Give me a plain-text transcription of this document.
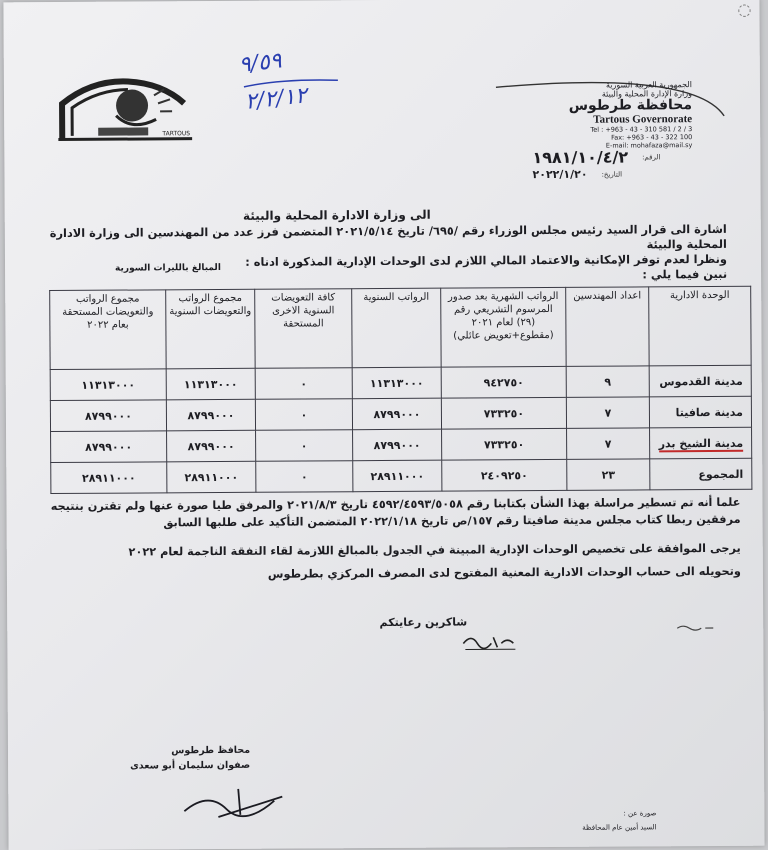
◌
TARTOUS
٩/٥٩
٢/٢/١٢	الجمهورية العربية السورية
وزارة الإدارة المحلية والبيئة
محافظة طرطوس
Tartous Governorate
Tel : +963 - 43 - 310 581 / 2 / 3
Fax: +963 - 43 - 322 100
E-mail: mohafaza@mail.sy
الرقم:
١٩٨١/١٠/٤/٢
التاريخ:
٢٠٢٢/١/٢٠
الى وزارة الادارة المحلية والبيئة
اشارة الى قرار السيد رئيس مجلس الوزراء رقم /٦٩٥/ تاريخ ٢٠٢١/٥/١٤ المتضمن فرز عدد من المهندسين الى وزارة الادارة المحلية والبيئة
ونظرا لعدم توفر الإمكانية والاعتماد المالي اللازم لدى الوحدات الإدارية المذكورة ادناه :
نبين فيما يلي :
المبالغ بالليرات السورية
الوحدة الادارية	اعداد المهندسين	الرواتب الشهرية بعد صدور المرسوم التشريعي رقم (٢٩) لعام ٢٠٢١ (مقطوع+تعويض عائلي)	الرواتب السنوية	كافة التعويضات السنوية الاخرى المستحقة	مجموع الرواتب والتعويضات السنوية	مجموع الرواتب والتعويضات المستحقة بعام ٢٠٢٢
مدينة القدموس	٩	٩٤٢٧٥٠	١١٣١٣٠٠٠	٠	١١٣١٣٠٠٠	١١٣١٣٠٠٠
مدينة صافيتا	٧	٧٣٣٢٥٠	٨٧٩٩٠٠٠	٠	٨٧٩٩٠٠٠	٨٧٩٩٠٠٠
مدينة الشيخ بدر	٧	٧٣٣٢٥٠	٨٧٩٩٠٠٠	٠	٨٧٩٩٠٠٠	٨٧٩٩٠٠٠
المجموع	٢٣	٢٤٠٩٢٥٠	٢٨٩١١٠٠٠	٠	٢٨٩١١٠٠٠	٢٨٩١١٠٠٠
علما أنه تم تسطير مراسلة بهذا الشأن بكتابنا رقم ٤٥٩٢/٤٥٩٣/٥٠٥٨ تاريخ ٢٠٢١/٨/٣ والمرفق طيا صورة عنها ولم تقترن بنتيجه
مرفقين ربطا كتاب مجلس مدينة صافيتا رقم ١٥٧/ص تاريخ ٢٠٢٢/١/١٨ المتضمن التأكيد على طلبها السابق
يرجى الموافقة على تخصيص الوحدات الإدارية المبينة في الجدول بالمبالغ اللازمة لقاء النفقة الناجمة لعام ٢٠٢٢
وتحويله الى حساب الوحدات الادارية المعنية المفتوح لدى المصرف المركزي بطرطوس
شاكرين رعايتكم
محافظ طرطوس
صفوان سليمان أبو سعدى
صورة عن :
السيد أمين عام المحافظة
